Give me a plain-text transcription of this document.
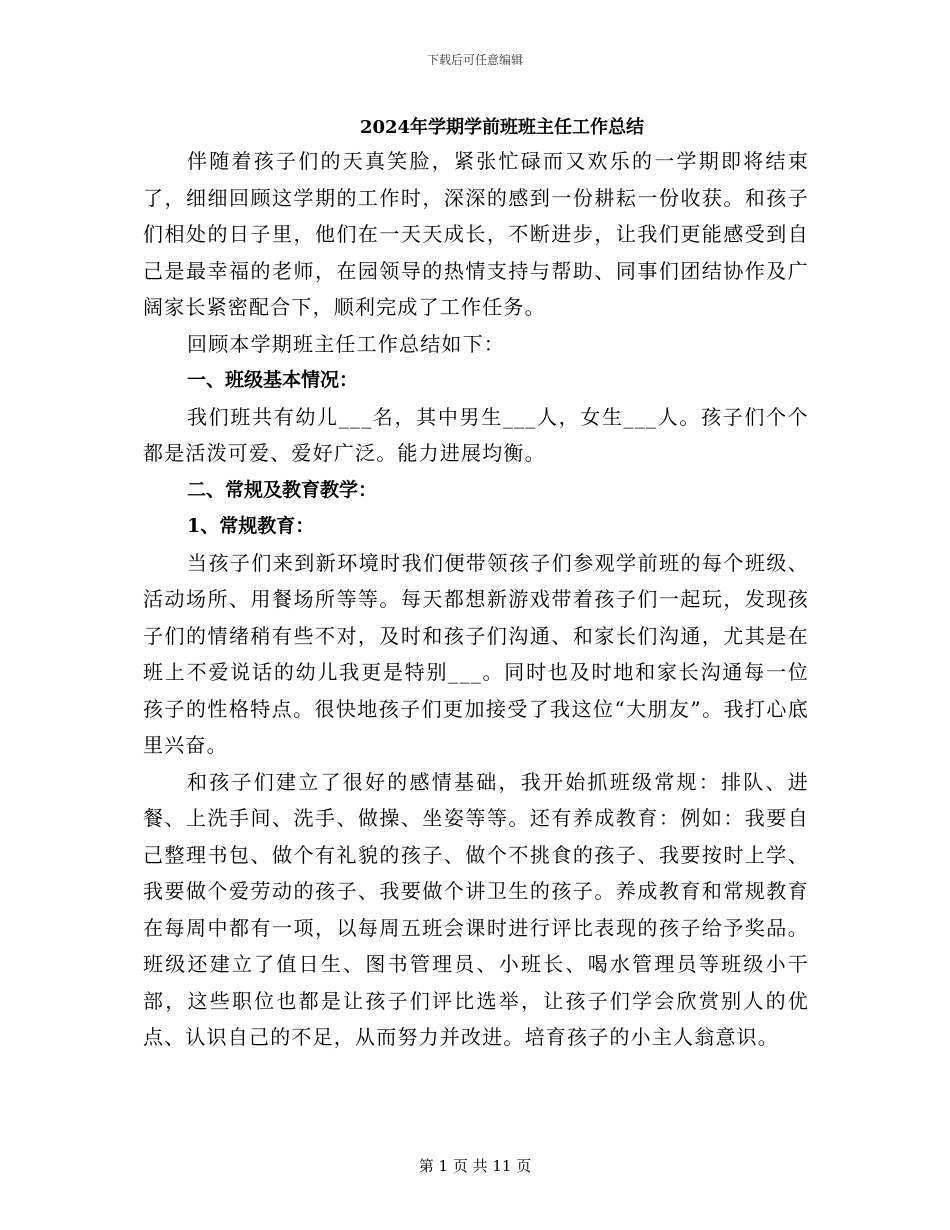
下载后可任意编辑
2024年学期学前班班主任工作总结

伴随着孩子们的天真笑脸，紧张忙碌而又欢乐的一学期即将结束了，细细回顾这学期的工作时，深深的感到一份耕耘一份收获。和孩子们相处的日子里，他们在一天天成长，不断进步，让我们更能感受到自己是最幸福的老师，在园领导的热情支持与帮助、同事们团结协作及广阔家长紧密配合下，顺利完成了工作任务。

回顾本学期班主任工作总结如下：

一、班级基本情况：

我们班共有幼儿___名，其中男生___人，女生___人。孩子们个个都是活泼可爱、爱好广泛。能力进展均衡。

二、常规及教育教学：

1、常规教育：

当孩子们来到新环境时我们便带领孩子们参观学前班的每个班级、活动场所、用餐场所等等。每天都想新游戏带着孩子们一起玩，发现孩子们的情绪稍有些不对，及时和孩子们沟通、和家长们沟通，尤其是在班上不爱说话的幼儿我更是特别___。同时也及时地和家长沟通每一位孩子的性格特点。很快地孩子们更加接受了我这位“大朋友”。我打心底里兴奋。

和孩子们建立了很好的感情基础，我开始抓班级常规：排队、进餐、上洗手间、洗手、做操、坐姿等等。还有养成教育：例如：我要自己整理书包、做个有礼貌的孩子、做个不挑食的孩子、我要按时上学、我要做个爱劳动的孩子、我要做个讲卫生的孩子。养成教育和常规教育在每周中都有一项，以每周五班会课时进行评比表现的孩子给予奖品。班级还建立了值日生、图书管理员、小班长、喝水管理员等班级小干部，这些职位也都是让孩子们评比选举，让孩子们学会欣赏别人的优点、认识自己的不足，从而努力并改进。培育孩子的小主人翁意识。

第 1 页 共 11 页
